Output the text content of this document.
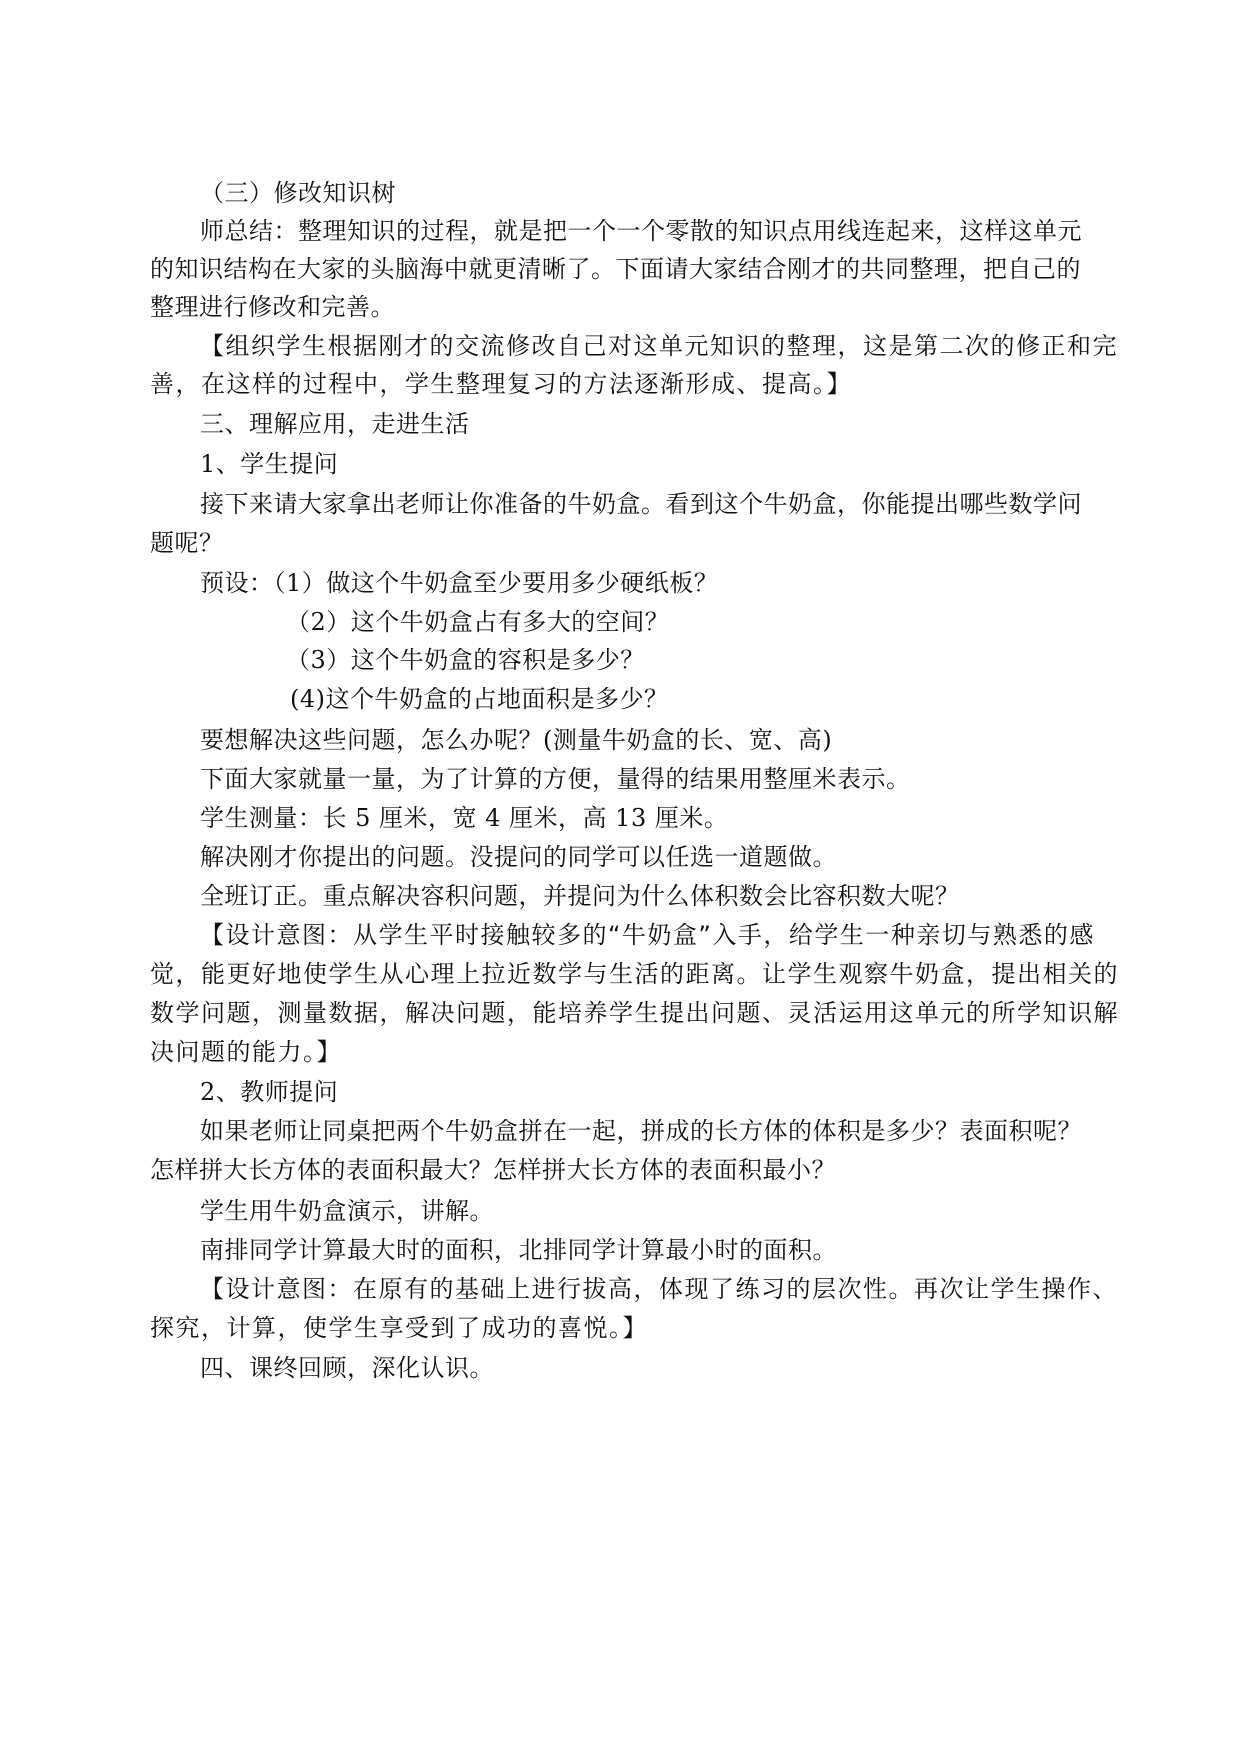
（三）修改知识树
师总结：整理知识的过程，就是把一个一个零散的知识点用线连起来，这样这单元
的知识结构在大家的头脑海中就更清晰了。下面请大家结合刚才的共同整理，把自己的
整理进行修改和完善。
【组织学生根据刚才的交流修改自己对这单元知识的整理，这是第二次的修正和完
善，在这样的过程中，学生整理复习的方法逐渐形成、提高。】
三、理解应用，走进生活
1、学生提问
接下来请大家拿出老师让你准备的牛奶盒。看到这个牛奶盒，你能提出哪些数学问
题呢？
预设：（1）做这个牛奶盒至少要用多少硬纸板？
（2）这个牛奶盒占有多大的空间？
（3）这个牛奶盒的容积是多少？
(4)这个牛奶盒的占地面积是多少？
要想解决这些问题，怎么办呢？(测量牛奶盒的长、宽、高)
下面大家就量一量，为了计算的方便，量得的结果用整厘米表示。
学生测量：长 5 厘米，宽 4 厘米，高 13 厘米。
解决刚才你提出的问题。没提问的同学可以任选一道题做。
全班订正。重点解决容积问题，并提问为什么体积数会比容积数大呢？
【设计意图：从学生平时接触较多的“牛奶盒”入手，给学生一种亲切与熟悉的感
觉，能更好地使学生从心理上拉近数学与生活的距离。让学生观察牛奶盒，提出相关的
数学问题，测量数据，解决问题，能培养学生提出问题、灵活运用这单元的所学知识解
决问题的能力。】
2、教师提问
如果老师让同桌把两个牛奶盒拼在一起，拼成的长方体的体积是多少？表面积呢？
怎样拼大长方体的表面积最大？怎样拼大长方体的表面积最小？
学生用牛奶盒演示，讲解。
南排同学计算最大时的面积，北排同学计算最小时的面积。
【设计意图：在原有的基础上进行拔高，体现了练习的层次性。再次让学生操作、
探究，计算，使学生享受到了成功的喜悦。】
四、课终回顾，深化认识。
